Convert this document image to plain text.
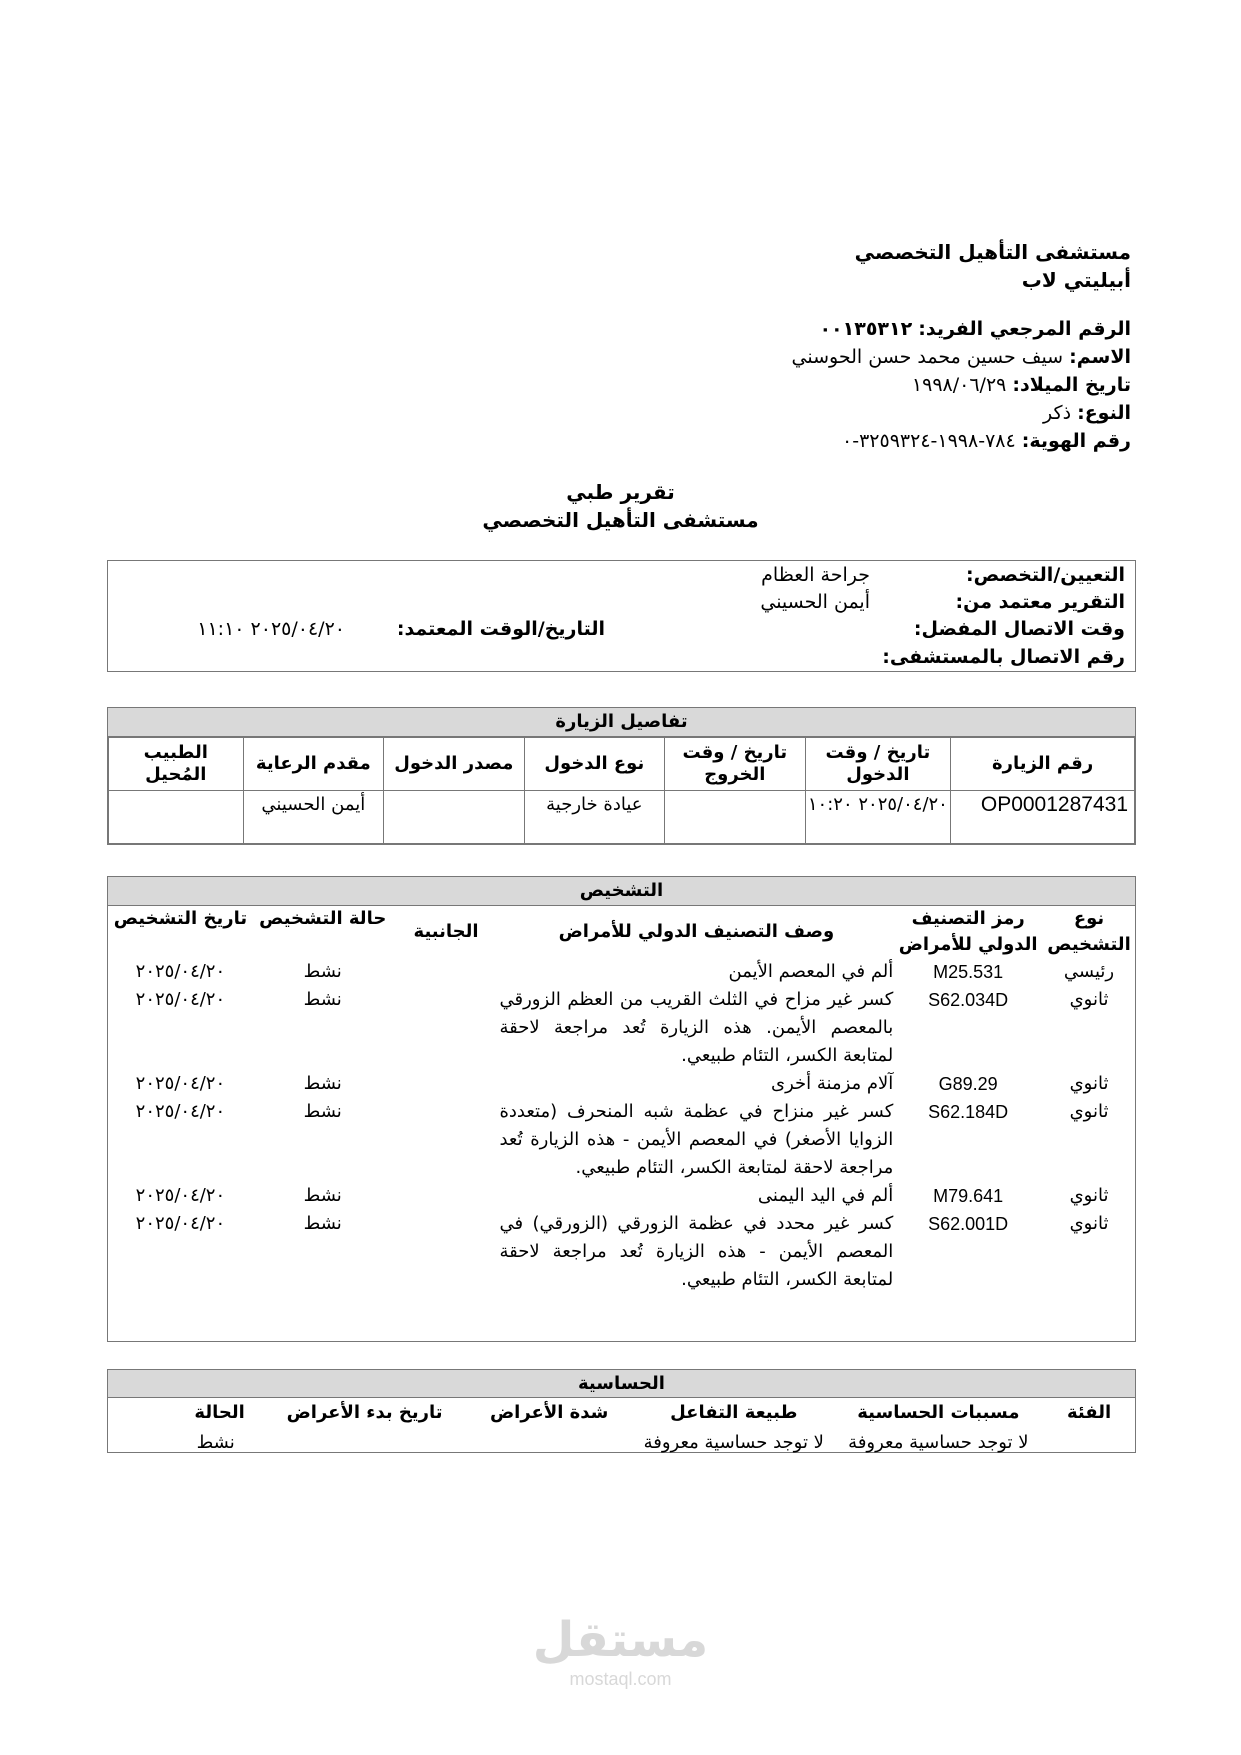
مستشفى التأهيل التخصصي
أبيليتي لاب
الرقم المرجعي الفريد: ٠٠١٣٥٣١٢
الاسم: سيف حسين محمد حسن الحوسني
تاريخ الميلاد: ١٩٩٨/٠٦/٢٩
النوع: ذكر
رقم الهوية: ٧٨٤-١٩٩٨-٣٢٥٩٣٢٤-٠
تقرير طبي
مستشفى التأهيل التخصصي
التعيين/التخصص:
جراحة العظام
التقرير معتمد من:
أيمن الحسيني
وقت الاتصال المفضل:
التاريخ/الوقت المعتمد:
٢٠٢٥/٠٤/٢٠ ١١:١٠
رقم الاتصال بالمستشفى:
تفاصيل الزيارة
رقم الزيارة	تاريخ / وقت الدخول	تاريخ / وقت الخروج	نوع الدخول	مصدر الدخول	مقدم الرعاية	الطبيب المُحيل
OP0001287431	٢٠٢٥/٠٤/٢٠ ١٠:٢٠		عيادة خارجية		أيمن الحسيني	
التشخيص
نوع التشخيص	رمز التصنيف الدولي للأمراض	وصف التصنيف الدولي للأمراض	الجانبية	حالة التشخيص	تاريخ التشخيص
رئيسي	M25.531	ألم في المعصم الأيمن		نشط	٢٠٢٥/٠٤/٢٠
ثانوي	S62.034D	كسر غير مزاح في الثلث القريب من العظم الزورقي بالمعصم الأيمن. هذه الزيارة تُعد مراجعة لاحقة لمتابعة الكسر، التئام طبيعي.		نشط	٢٠٢٥/٠٤/٢٠
ثانوي	G89.29	آلام مزمنة أخرى		نشط	٢٠٢٥/٠٤/٢٠
ثانوي	S62.184D	كسر غير منزاح في عظمة شبه المنحرف (متعددة الزوايا الأصغر) في المعصم الأيمن - هذه الزيارة تُعد مراجعة لاحقة لمتابعة الكسر، التئام طبيعي.		نشط	٢٠٢٥/٠٤/٢٠
ثانوي	M79.641	ألم في اليد اليمنى		نشط	٢٠٢٥/٠٤/٢٠
ثانوي	S62.001D	كسر غير محدد في عظمة الزورقي (الزورقي) في المعصم الأيمن - هذه الزيارة تُعد مراجعة لاحقة لمتابعة الكسر، التئام طبيعي.		نشط	٢٠٢٥/٠٤/٢٠
الحساسية
الفئة	مسببات الحساسية	طبيعة التفاعل	شدة الأعراض	تاريخ بدء الأعراض	الحالة
	لا توجد حساسية معروفة	لا توجد حساسية معروفة			نشط
مستقل
mostaql.com
